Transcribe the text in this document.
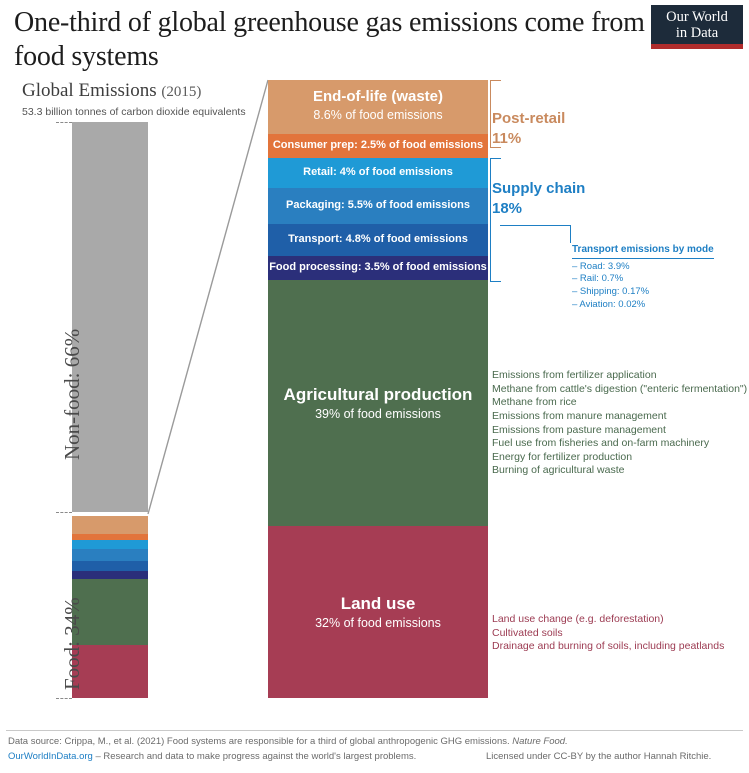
One-third of global greenhouse gas emissions come from food systems
Our World
in Data
Global Emissions (2015)
53.3 billion tonnes of carbon dioxide equivalents
Non-food: 66%
Food: 34%
End-of-life (waste)
8.6% of food emissions
Consumer prep: 2.5% of food emissions
Retail: 4% of food emissions
Packaging: 5.5% of food emissions
Transport: 4.8% of food emissions
Food processing: 3.5% of food emissions
Agricultural production
39% of food emissions
Land use
32% of food emissions
Post-retail
11%
Supply chain
18%
Transport emissions by mode
– Road: 3.9%
– Rail: 0.7%
– Shipping: 0.17%
– Aviation: 0.02%
Emissions from fertilizer application
Methane from cattle's digestion ("enteric fermentation")
Methane from rice
Emissions from manure management
Emissions from pasture management
Fuel use from fisheries and on-farm machinery
Energy for fertilizer production
Burning of agricultural waste
Land use change (e.g. deforestation)
Cultivated soils
Drainage and burning of soils, including peatlands
Data source: Crippa, M., et al. (2021) Food systems are responsible for a third of global anthropogenic GHG emissions. Nature Food.
OurWorldInData.org – Research and data to make progress against the world's largest problems.	Licensed under CC-BY by the author Hannah Ritchie.
